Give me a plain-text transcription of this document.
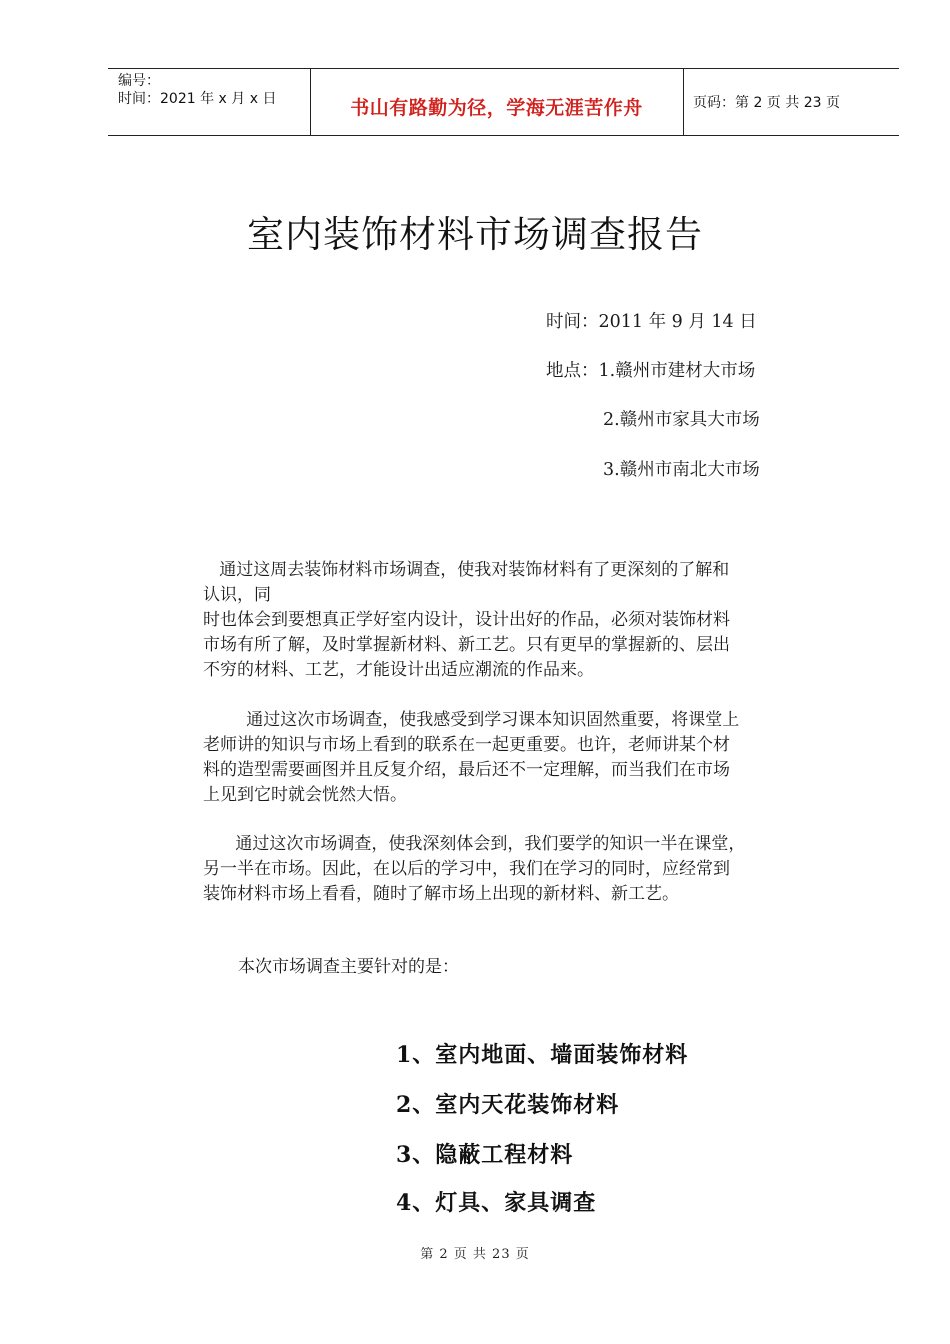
编号：
时间：2021 年 x 月 x 日	书山有路勤为径，学海无涯苦作舟	页码：第 2 页 共 23 页
室内装饰材料市场调查报告
时间：2011 年 9 月 14 日
地点：1.赣州市建材大市场
2.赣州市家具大市场
3.赣州市南北大市场
通过这周去装饰材料市场调查，使我对装饰材料有了更深刻的了解和
认识，同
时也体会到要想真正学好室内设计，设计出好的作品，必须对装饰材料
市场有所了解，及时掌握新材料、新工艺。只有更早的掌握新的、层出
不穷的材料、工艺，才能设计出适应潮流的作品来。
通过这次市场调查，使我感受到学习课本知识固然重要，将课堂上
老师讲的知识与市场上看到的联系在一起更重要。也许，老师讲某个材
料的造型需要画图并且反复介绍，最后还不一定理解，而当我们在市场
上见到它时就会恍然大悟。
通过这次市场调查，使我深刻体会到，我们要学的知识一半在课堂，
另一半在市场。因此，在以后的学习中，我们在学习的同时，应经常到
装饰材料市场上看看，随时了解市场上出现的新材料、新工艺。
本次市场调查主要针对的是：
1、室内地面、墙面装饰材料
2、室内天花装饰材料
3、隐蔽工程材料
4、灯具、家具调查
第 2 页 共 23 页
